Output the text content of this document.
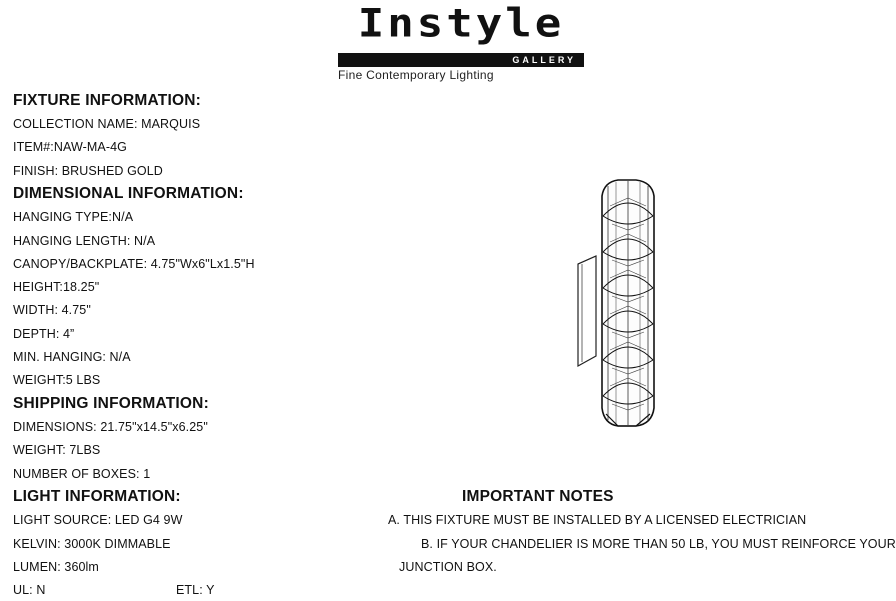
Instyle
GALLERY
Fine Contemporary Lighting
FIXTURE INFORMATION:
COLLECTION NAME: MARQUIS
ITEM#:NAW-MA-4G
FINISH: BRUSHED GOLD
DIMENSIONAL INFORMATION:
HANGING TYPE:N/A
HANGING LENGTH: N/A
CANOPY/BACKPLATE: 4.75"Wx6"Lx1.5"H
HEIGHT:18.25"
WIDTH: 4.75"
DEPTH: 4”
MIN. HANGING: N/A
WEIGHT:5 LBS
SHIPPING INFORMATION:
DIMENSIONS: 21.75"x14.5"x6.25"
WEIGHT: 7LBS
NUMBER OF BOXES: 1
LIGHT INFORMATION:
LIGHT SOURCE: LED G4 9W
KELVIN: 3000K DIMMABLE
LUMEN: 360lm
UL: N	ETL: Y
IMPORTANT NOTES
A. THIS FIXTURE MUST BE INSTALLED BY A LICENSED ELECTRICIAN
B. IF YOUR CHANDELIER IS MORE THAN 50 LB, YOU MUST REINFORCE YOUR
JUNCTION BOX.
